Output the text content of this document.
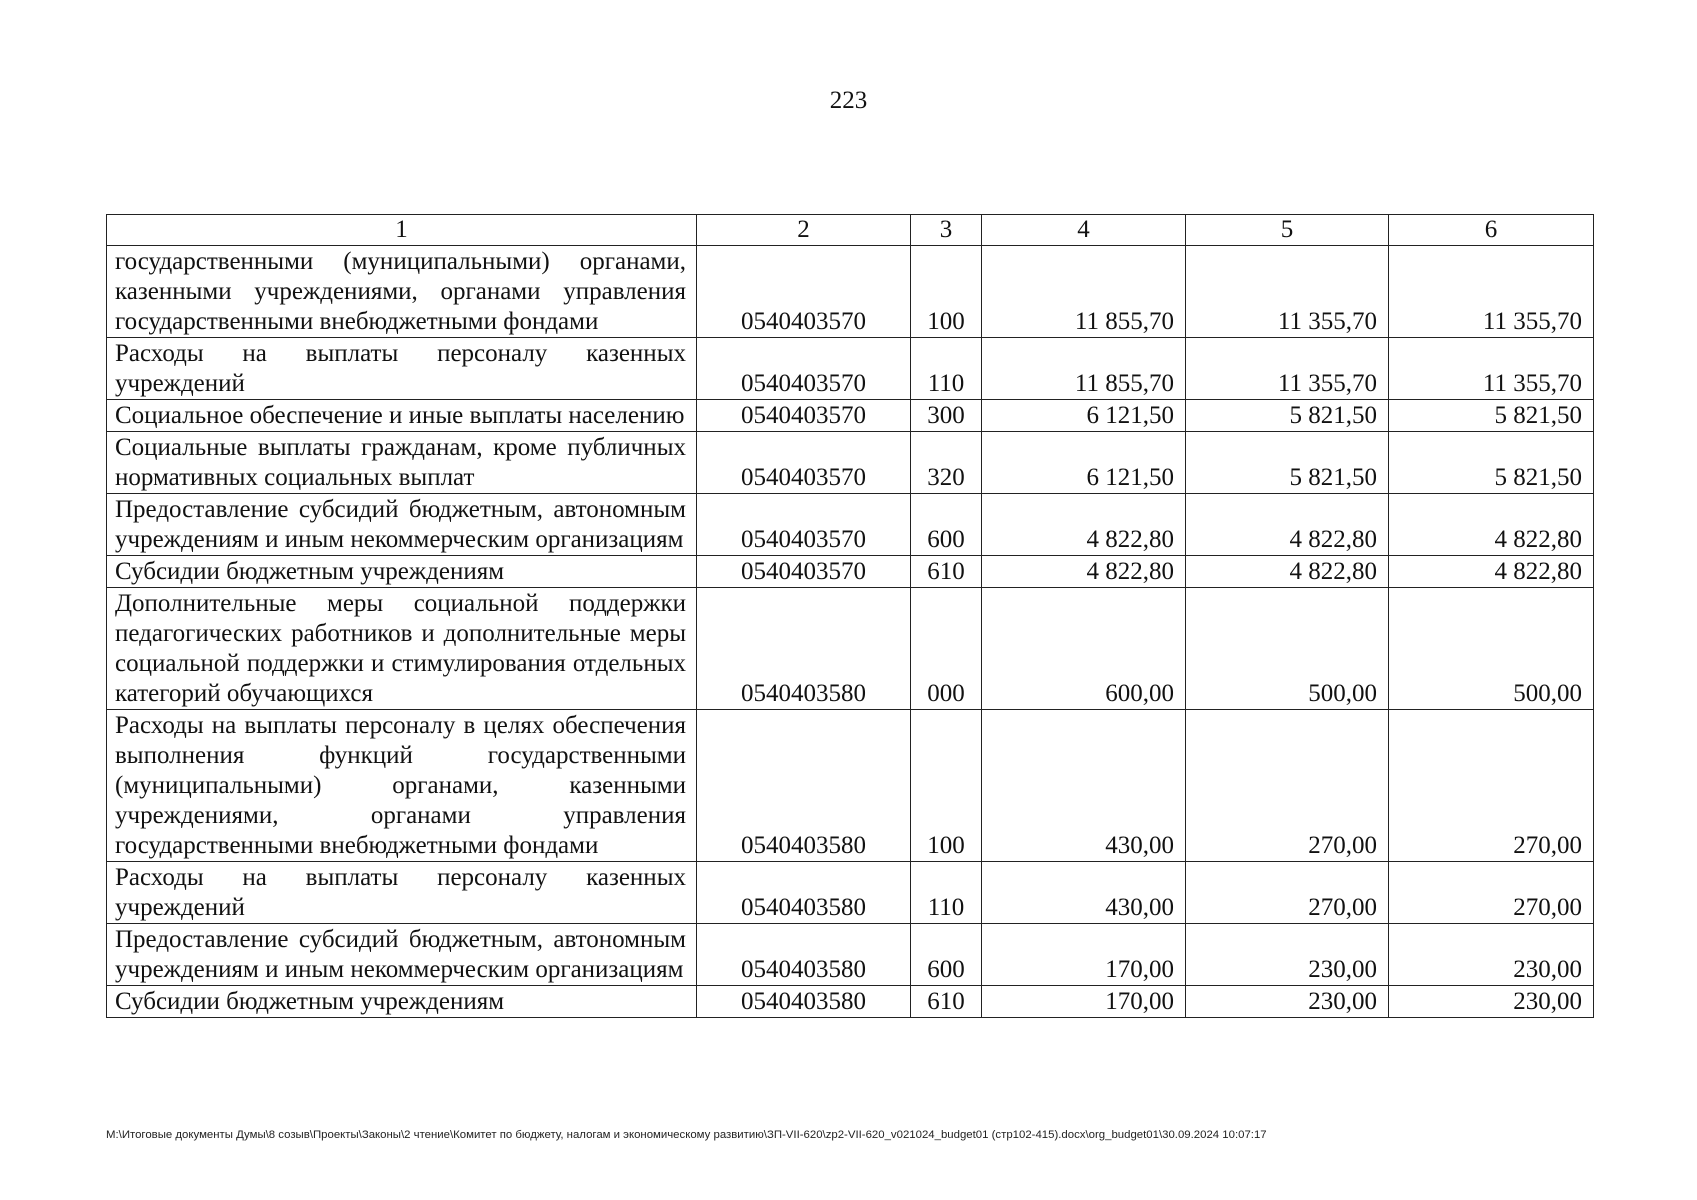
223
1	2	3	4	5	6
государственными (муниципальными) органами, казенными учреждениями, органами управления государственными внебюджетными фондами	0540403570	100	11 855,70	11 355,70	11 355,70
Расходы на выплаты персоналу казенных учреждений	0540403570	110	11 855,70	11 355,70	11 355,70
Социальное обеспечение и иные выплаты населению	0540403570	300	6 121,50	5 821,50	5 821,50
Социальные выплаты гражданам, кроме публичных нормативных социальных выплат	0540403570	320	6 121,50	5 821,50	5 821,50
Предоставление субсидий бюджетным, автономным учреждениям и иным некоммерческим организациям	0540403570	600	4 822,80	4 822,80	4 822,80
Субсидии бюджетным учреждениям	0540403570	610	4 822,80	4 822,80	4 822,80
Дополнительные меры социальной поддержки педагогических работников и дополнительные меры социальной поддержки и стимулирования отдельных категорий обучающихся	0540403580	000	600,00	500,00	500,00
Расходы на выплаты персоналу в целях обеспечения выполнения функций государственными (муниципальными) органами, казенными учреждениями, органами управления государственными внебюджетными фондами	0540403580	100	430,00	270,00	270,00
Расходы на выплаты персоналу казенных учреждений	0540403580	110	430,00	270,00	270,00
Предоставление субсидий бюджетным, автономным учреждениям и иным некоммерческим организациям	0540403580	600	170,00	230,00	230,00
Субсидии бюджетным учреждениям	0540403580	610	170,00	230,00	230,00
M:\Итоговые документы Думы\8 созыв\Проекты\Законы\2 чтение\Комитет по бюджету, налогам и экономическому развитию\ЗП-VII-620\zp2-VII-620_v021024_budget01 (стр102-415).docx\org_budget01\30.09.2024 10:07:17
